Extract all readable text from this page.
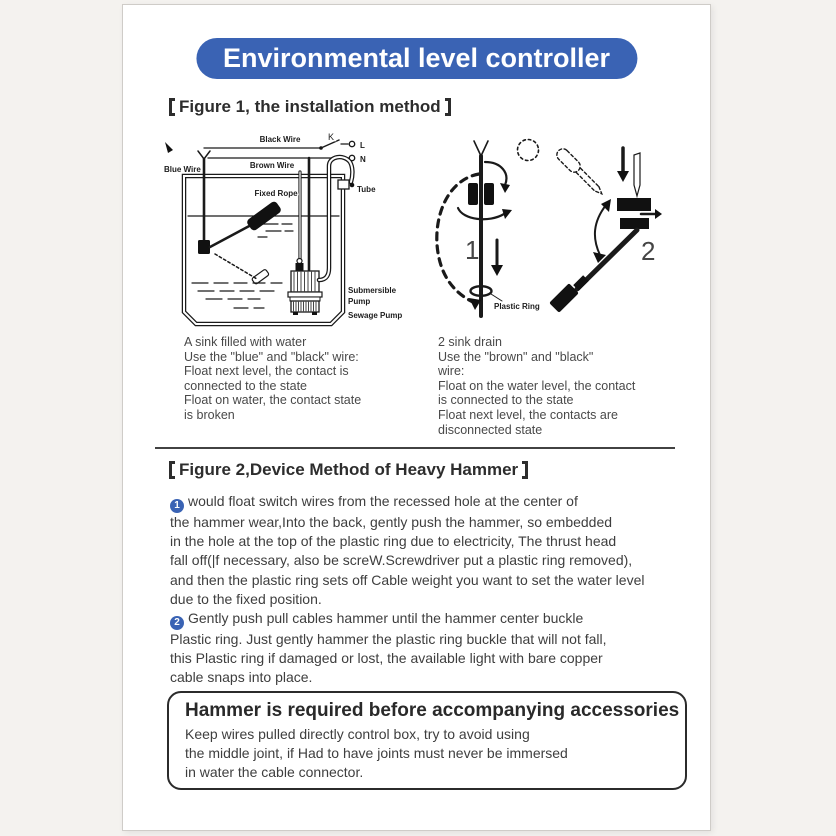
Environmental level controller
Figure 1, the installation method
Black Wire	K
L
N
Blue Wire	Brown Wire
Fixed Rope	Tube
Submersible
Pump
Sewage Pump
1	2
Plastic Ring
A sink filled with water
Use the "blue" and "black" wire:
Float next level, the contact is
connected to the state
Float on water, the contact state
is broken
2 sink drain
Use the "brown" and "black"
wire:
Float on the water level, the contact
is connected to the state
Float next level, the contacts are
disconnected state
Figure 2,Device Method of Heavy Hammer
1 would float switch wires from the recessed hole at the center of
the hammer wear,Into the back, gently push the hammer, so embedded
in the hole at the top of the plastic ring due to electricity, The thrust head
fall off(|f necessary, also be screW.Screwdriver put a plastic ring removed),
and then the plastic ring sets off Cable weight you want to set the water level
due to the fixed position.
2 Gently push pull cables hammer until the hammer center buckle
Plastic ring. Just gently hammer the plastic ring buckle that will not fall,
this Plastic ring if damaged or lost, the available light with bare copper
cable snaps into place.
Hammer is required before accompanying accessories
Keep wires pulled directly control box, try to avoid using
the middle joint, if Had to have joints must never be immersed
in water the cable connector.
